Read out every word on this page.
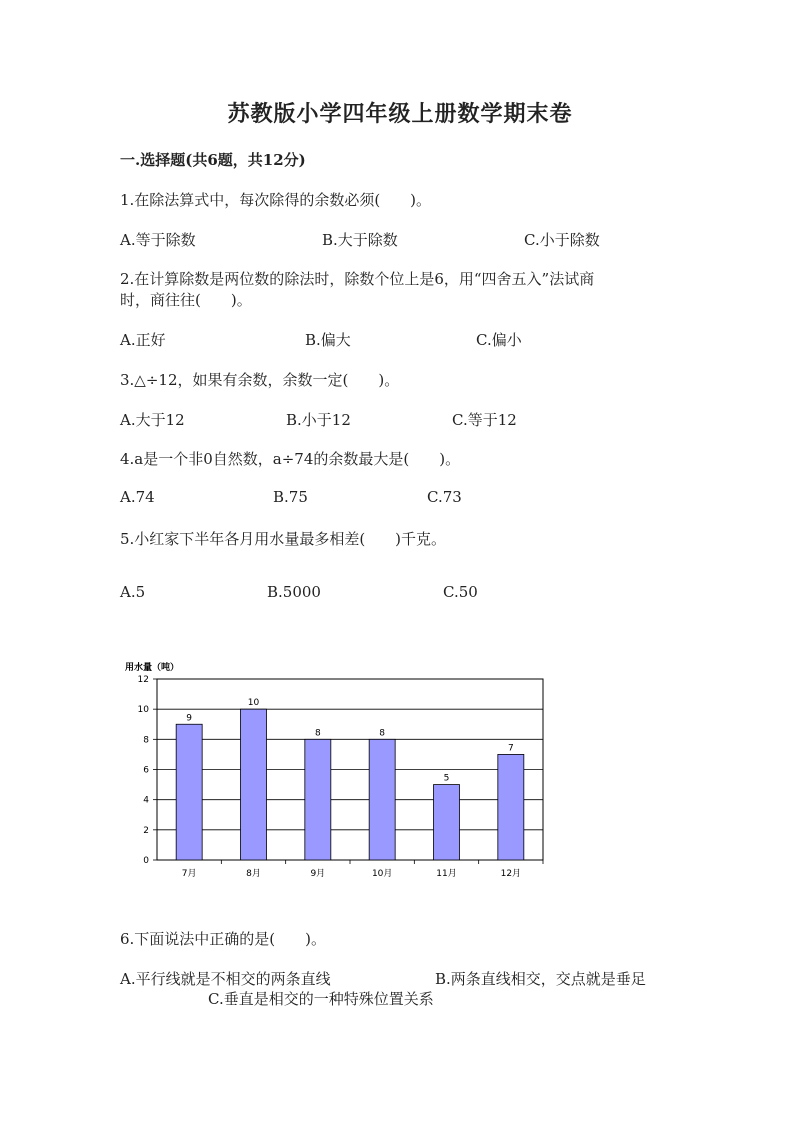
苏教版小学四年级上册数学期末卷
一.选择题(共6题，共12分)
1.在除法算式中，每次除得的余数必须(　　)。
A.等于除数	B.大于除数	C.小于除数
2.在计算除数是两位数的除法时，除数个位上是6，用“四舍五入”法试商
时，商往往(　　)。
A.正好	B.偏大	C.偏小
3.△÷12，如果有余数，余数一定(　　)。
A.大于12	B.小于12	C.等于12
4.a是一个非0自然数，a÷74的余数最大是(　　)。
A.74	B.75	C.73
5.小红家下半年各月用水量最多相差(　　)千克。
A.5	B.5000	C.50
用水量（吨）
0
2
4
6
8
10
12
9
7月
10
8月
8
9月
8
10月
5
11月
7
12月
6.下面说法中正确的是(　　)。
A.平行线就是不相交的两条直线	B.两条直线相交，交点就是垂足
C.垂直是相交的一种特殊位置关系
